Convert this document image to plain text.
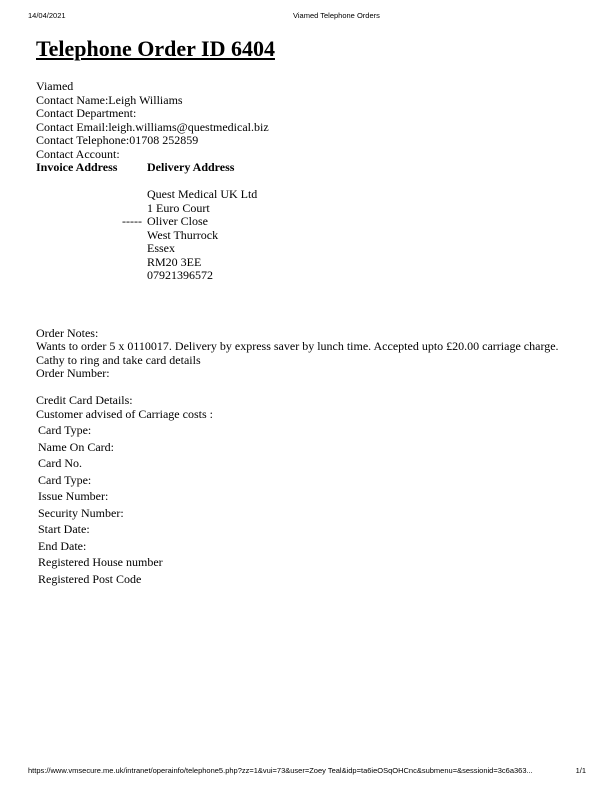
14/04/2021	Viamed Telephone Orders
Telephone Order ID 6404
Viamed
Contact Name:Leigh Williams
Contact Department:
Contact Email:leigh.williams@questmedical.biz
Contact Telephone:01708 252859
Contact Account:
Invoice Address	Delivery Address
Quest Medical UK Ltd
1 Euro Court
----- Oliver Close
West Thurrock
Essex
RM20 3EE
07921396572
Order Notes:
Wants to order 5 x 0110017. Delivery by express saver by lunch time. Accepted upto £20.00 carriage charge.
Cathy to ring and take card details
Order Number:
Credit Card Details:
Customer advised of Carriage costs :
Card Type:
Name On Card:
Card No.
Card Type:
Issue Number:
Security Number:
Start Date:
End Date:
Registered House number
Registered Post Code
https://www.vmsecure.me.uk/intranet/operainfo/telephone5.php?zz=1&vui=73&user=Zoey Teal&idp=ta6ieOSqOHCnc&submenu=&sessionid=3c6a363...	1/1
